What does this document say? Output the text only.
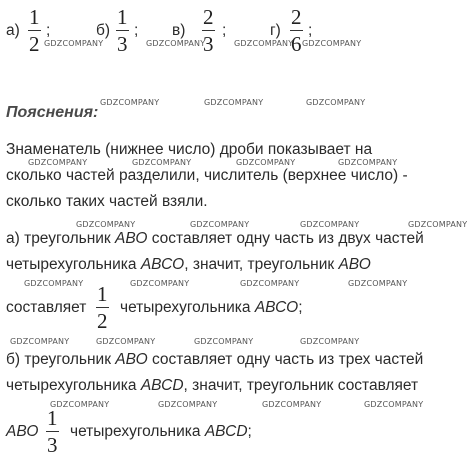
а)
1
2
;	б)
1
3
; в)
2
3
;	г)
2
6
;
Пояснения:
Знаменатель (нижнее число) дроби показывает на
сколько частей разделили, числитель (верхнее число) -
сколько таких частей взяли.
а) треугольник АВО составляет одну часть из двух частей
четырехугольника АВСО, значит, треугольник АВО
составляет
1
2
четырехугольника АВСО;
б) треугольник АВО составляет одну часть из трех частей
четырехугольника АВСD, значит, треугольник составляет
АВО
1
3
четырехугольника АВСD;
GDZCOMPANY	GDZCOMPANY	GDZCOMPANY GDZCOMPANY
GDZCOMPANY	GDZCOMPANY	GDZCOMPANY
GDZCOMPANY	GDZCOMPANY	GDZCOMPANY	GDZCOMPANY
GDZCOMPANY	GDZCOMPANY	GDZCOMPANY	GDZCOMPANY
GDZCOMPANY	GDZCOMPANY	GDZCOMPANY	GDZCOMPANY
GDZCOMPANY	GDZCOMPANY	GDZCOMPANY	GDZCOMPANY
GDZCOMPANY	GDZCOMPANY	GDZCOMPANY	GDZCOMPANY
